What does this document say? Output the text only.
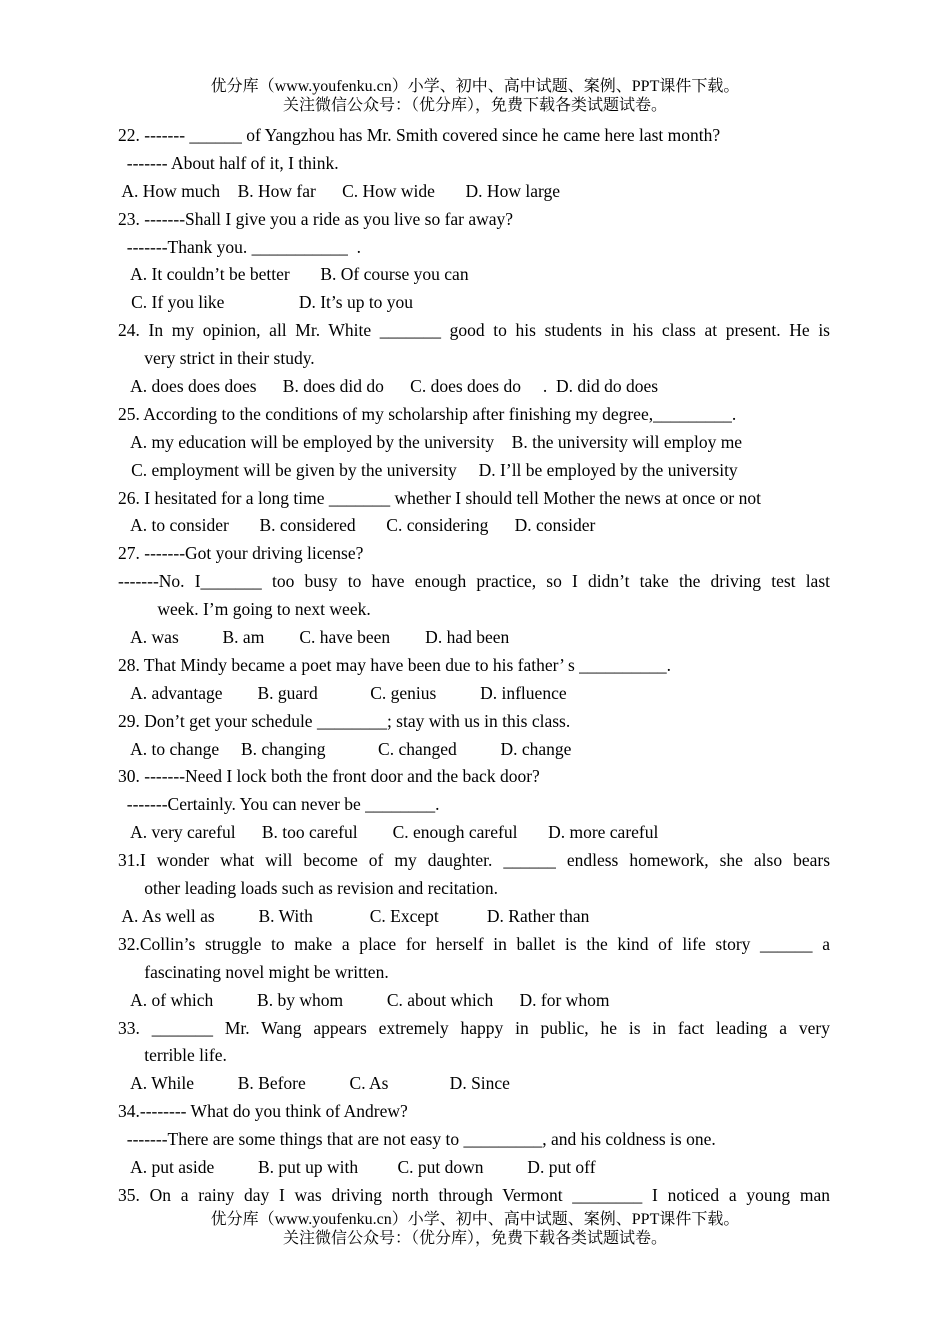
优分库（www.youfenku.cn）小学、初中、高中试题、案例、PPT课件下载。
关注微信公众号：（优分库），免费下载各类试题试卷。
22. ------- ______ of Yangzhou has Mr. Smith covered since he came here last month?
------- About half of it, I think.
A. How much    B. How far      C. How wide       D. How large
23. -------Shall I give you a ride as you live so far away?
-------Thank you. ___________  .
A. It couldn’t be better       B. Of course you can
C. If you like                 D. It’s up to you
24. In my opinion, all Mr. White _______ good to his students in his class at present. He is
very strict in their study.
A. does does does      B. does did do      C. does does do     .  D. did do does
25. According to the conditions of my scholarship after finishing my degree,_________.
A. my education will be employed by the university    B. the university will employ me
C. employment will be given by the university     D. I’ll be employed by the university
26. I hesitated for a long time _______ whether I should tell Mother the news at once or not
A. to consider       B. considered       C. considering      D. consider
27. -------Got your driving license?
-------No. I_______ too busy to have enough practice, so I didn’t take the driving test last
week. I’m going to next week.
A. was          B. am        C. have been        D. had been
28. That Mindy became a poet may have been due to his father’ s __________.
A. advantage        B. guard            C. genius          D. influence
29. Don’t get your schedule ________; stay with us in this class.
A. to change     B. changing            C. changed          D. change
30. -------Need I lock both the front door and the back door?
-------Certainly. You can never be ________.
A. very careful      B. too careful        C. enough careful       D. more careful
31.I wonder what will become of my daughter. ______ endless homework, she also bears
other leading loads such as revision and recitation.
A. As well as          B. With             C. Except           D. Rather than
32.Collin’s struggle to make a place for herself in ballet is the kind of life story ______ a
fascinating novel might be written.
A. of which          B. by whom          C. about which      D. for whom
33. _______ Mr. Wang appears extremely happy in public, he is in fact leading a very
terrible life.
A. While          B. Before          C. As              D. Since
34.-------- What do you think of Andrew?
-------There are some things that are not easy to _________, and his coldness is one.
A. put aside          B. put up with         C. put down          D. put off
35. On a rainy day I was driving north through Vermont ________ I noticed a young man
优分库（www.youfenku.cn）小学、初中、高中试题、案例、PPT课件下载。
关注微信公众号：（优分库），免费下载各类试题试卷。
